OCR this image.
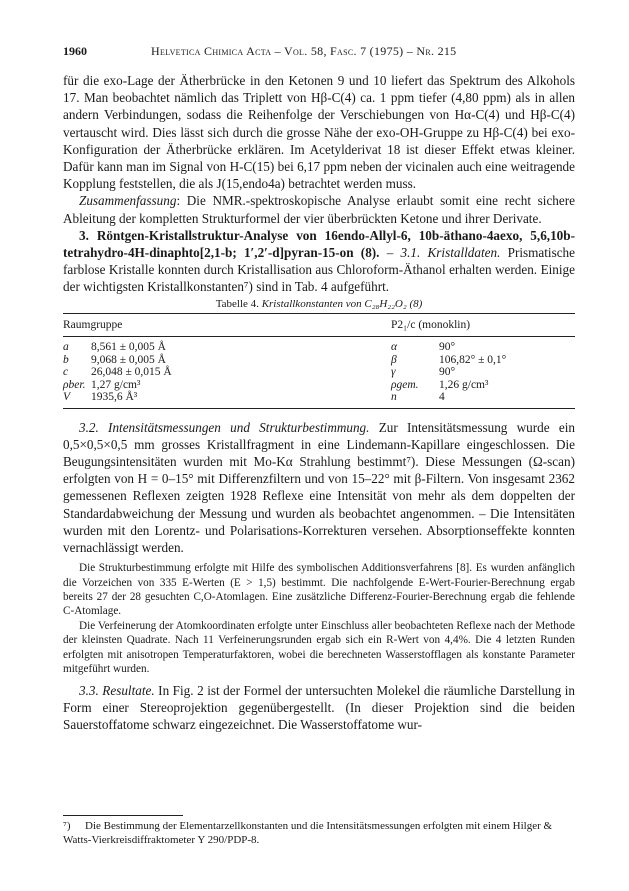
1960	Helvetica Chimica Acta – Vol. 58, Fasc. 7 (1975) – Nr. 215

für die exo-Lage der Ätherbrücke in den Ketonen 9 und 10 liefert das Spektrum des Alkohols 17. Man beobachtet nämlich das Triplett von Hβ-C(4) ca. 1 ppm tiefer (4,80 ppm) als in allen andern Verbindungen, sodass die Reihenfolge der Verschiebungen von Hα-C(4) und Hβ-C(4) vertauscht wird. Dies lässt sich durch die grosse Nähe der exo-OH-Gruppe zu Hβ-C(4) bei exo-Konfiguration der Ätherbrücke erklären. Im Acetylderivat 18 ist dieser Effekt etwas kleiner. Dafür kann man im Signal von H-C(15) bei 6,17 ppm neben der vicinalen auch eine weitragende Kopplung feststellen, die als J(15,endo4a) betrachtet werden muss.

Zusammenfassung: Die NMR.-spektroskopische Analyse erlaubt somit eine recht sichere Ableitung der kompletten Strukturformel der vier überbrückten Ketone und ihrer Derivate.

3. Röntgen-Kristallstruktur-Analyse von 16endo-Allyl-6, 10b-äthano-4aexo, 5,6,10b-tetrahydro-4H-dinaphto[2,1-b; 1′,2′-d]pyran-15-on (8). – 3.1. Kristalldaten. Prismatische farblose Kristalle konnten durch Kristallisation aus Chloroform-Äthanol erhalten werden. Einige der wichtigsten Kristallkonstanten⁷) sind in Tab. 4 aufgeführt.

Tabelle 4. Kristallkonstanten von C₂₈H₂₂O₂ (8)
Raumgruppe			P2₁/c (monoklin)	
a	8,561 ± 0,005 Å		α	90°
b	9,068 ± 0,005 Å		β	106,82° ± 0,1°
c	26,048 ± 0,015 Å		γ	90°
ρber.	1,27 g/cm³		ρgem.	1,26 g/cm³
V	1935,6 Å³		n	4

3.2. Intensitätsmessungen und Strukturbestimmung. Zur Intensitätsmessung wurde ein 0,5×0,5×0,5 mm grosses Kristallfragment in eine Lindemann-Kapillare eingeschlossen. Die Beugungsintensitäten wurden mit Mo-Kα Strahlung bestimmt⁷). Diese Messungen (Ω-scan) erfolgten von H = 0–15° mit Differenzfiltern und von 15–22° mit β-Filtern. Von insgesamt 2362 gemessenen Reflexen zeigten 1928 Reflexe eine Intensität von mehr als dem doppelten der Standardabweichung der Messung und wurden als beobachtet angenommen. – Die Intensitäten wurden mit den Lorentz- und Polarisations-Korrekturen versehen. Absorptionseffekte konnten vernachlässigt werden.

Die Strukturbestimmung erfolgte mit Hilfe des symbolischen Additionsverfahrens [8]. Es wurden anfänglich die Vorzeichen von 335 E-Werten (E > 1,5) bestimmt. Die nachfolgende E-Wert-Fourier-Berechnung ergab bereits 27 der 28 gesuchten C,O-Atomlagen. Eine zusätzliche Differenz-Fourier-Berechnung ergab die fehlende C-Atomlage.

Die Verfeinerung der Atomkoordinaten erfolgte unter Einschluss aller beobachteten Reflexe nach der Methode der kleinsten Quadrate. Nach 11 Verfeinerungsrunden ergab sich ein R-Wert von 4,4%. Die 4 letzten Runden erfolgten mit anisotropen Temperaturfaktoren, wobei die berechneten Wasserstofflagen als konstante Parameter mitgeführt wurden.

3.3. Resultate. In Fig. 2 ist der Formel der untersuchten Molekel die räumliche Darstellung in Form einer Stereoprojektion gegenübergestellt. (In dieser Projektion sind die beiden Sauerstoffatome schwarz eingezeichnet. Die Wasserstoffatome wur-

⁷) Die Bestimmung der Elementarzellkonstanten und die Intensitätsmessungen erfolgten mit einem Hilger & Watts-Vierkreisdiffraktometer Y 290/PDP-8.
